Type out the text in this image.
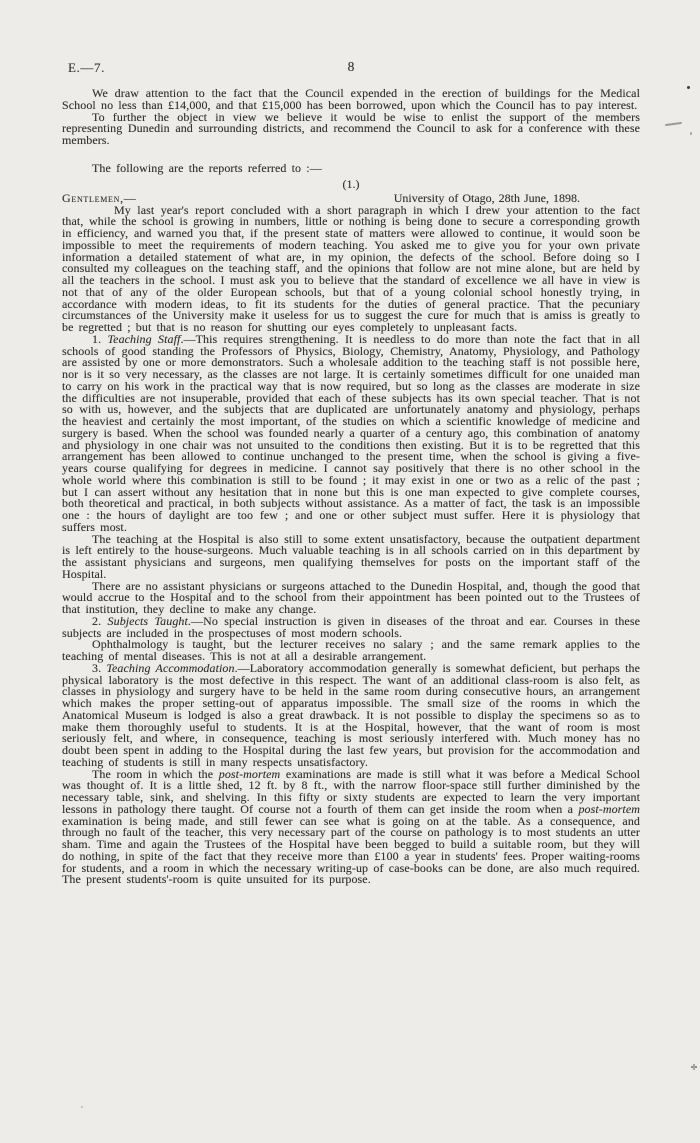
E.—7.	8

We draw attention to the fact that the Council expended in the erection of buildings for the Medical School no less than £14,000, and that £15,000 has been borrowed, upon which the Council has to pay interest.

To further the object in view we believe it would be wise to enlist the support of the members representing Dunedin and surrounding districts, and recommend the Council to ask for a conference with these members.

The following are the reports referred to :—

(1.)
Gentlemen,—	University of Otago, 28th June, 1898.

My last year's report concluded with a short paragraph in which I drew your attention to the fact that, while the school is growing in numbers, little or nothing is being done to secure a corresponding growth in efficiency, and warned you that, if the present state of matters were allowed to continue, it would soon be impossible to meet the requirements of modern teaching. You asked me to give you for your own private information a detailed statement of what are, in my opinion, the defects of the school. Before doing so I consulted my colleagues on the teaching staff, and the opinions that follow are not mine alone, but are held by all the teachers in the school. I must ask you to believe that the standard of excellence we all have in view is not that of any of the older European schools, but that of a young colonial school honestly trying, in accordance with modern ideas, to fit its students for the duties of general practice. That the pecuniary circumstances of the University make it useless for us to suggest the cure for much that is amiss is greatly to be regretted ; but that is no reason for shutting our eyes completely to unpleasant facts.

1. Teaching Staff.—This requires strengthening. It is needless to do more than note the fact that in all schools of good standing the Professors of Physics, Biology, Chemistry, Anatomy, Physiology, and Pathology are assisted by one or more demonstrators. Such a wholesale addition to the teaching staff is not possible here, nor is it so very necessary, as the classes are not large. It is certainly sometimes difficult for one unaided man to carry on his work in the practical way that is now required, but so long as the classes are moderate in size the difficulties are not insuperable, provided that each of these subjects has its own special teacher. That is not so with us, however, and the subjects that are duplicated are unfortunately anatomy and physiology, perhaps the heaviest and certainly the most important, of the studies on which a scientific knowledge of medicine and surgery is based. When the school was founded nearly a quarter of a century ago, this combination of anatomy and physiology in one chair was not unsuited to the conditions then existing. But it is to be regretted that this arrangement has been allowed to continue unchanged to the present time, when the school is giving a five-years course qualifying for degrees in medicine. I cannot say positively that there is no other school in the whole world where this combination is still to be found ; it may exist in one or two as a relic of the past ; but I can assert without any hesitation that in none but this is one man expected to give complete courses, both theoretical and practical, in both subjects without assistance. As a matter of fact, the task is an impossible one : the hours of daylight are too few ; and one or other subject must suffer. Here it is physiology that suffers most.

The teaching at the Hospital is also still to some extent unsatisfactory, because the outpatient department is left entirely to the house-surgeons. Much valuable teaching is in all schools carried on in this department by the assistant physicians and surgeons, men qualifying themselves for posts on the important staff of the Hospital.

There are no assistant physicians or surgeons attached to the Dunedin Hospital, and, though the good that would accrue to the Hospital and to the school from their appointment has been pointed out to the Trustees of that institution, they decline to make any change.

2. Subjects Taught.—No special instruction is given in diseases of the throat and ear. Courses in these subjects are included in the prospectuses of most modern schools.

Ophthalmology is taught, but the lecturer receives no salary ; and the same remark applies to the teaching of mental diseases. This is not at all a desirable arrangement.

3. Teaching Accommodation.—Laboratory accommodation generally is somewhat deficient, but perhaps the physical laboratory is the most defective in this respect. The want of an additional class-room is also felt, as classes in physiology and surgery have to be held in the same room during consecutive hours, an arrangement which makes the proper setting-out of apparatus impossible. The small size of the rooms in which the Anatomical Museum is lodged is also a great drawback. It is not possible to display the specimens so as to make them thoroughly useful to students. It is at the Hospital, however, that the want of room is most seriously felt, and where, in consequence, teaching is most seriously interfered with. Much money has no doubt been spent in adding to the Hospital during the last few years, but provision for the accommodation and teaching of students is still in many respects unsatisfactory.

The room in which the post-mortem examinations are made is still what it was before a Medical School was thought of. It is a little shed, 12 ft. by 8 ft., with the narrow floor-space still further diminished by the necessary table, sink, and shelving. In this fifty or sixty students are expected to learn the very important lessons in pathology there taught. Of course not a fourth of them can get inside the room when a post-mortem examination is being made, and still fewer can see what is going on at the table. As a consequence, and through no fault of the teacher, this very necessary part of the course on pathology is to most students an utter sham. Time and again the Trustees of the Hospital have been begged to build a suitable room, but they will do nothing, in spite of the fact that they receive more than £100 a year in students' fees. Proper waiting-rooms for students, and a room in which the necessary writing-up of case-books can be done, are also much required. The present students'-room is quite unsuited for its purpose.
